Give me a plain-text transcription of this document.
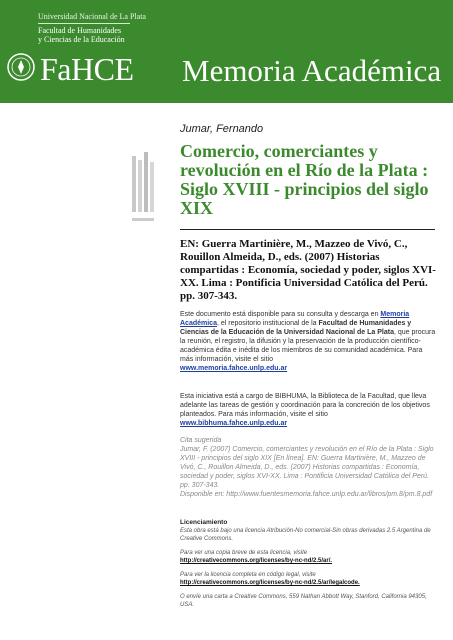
Universidad Nacional de La Plata
Facultad de Humanidades
y Ciencias de la Educación
FaHCE Memoria Académica
Jumar, Fernando
Comercio, comerciantes y revolución en el Río de la Plata : Siglo XVIII - principios del siglo XIX
EN: Guerra Martinière, M., Mazzeo de Vivó, C., Rouillon Almeida, D., eds. (2007) Historias compartidas : Economía, sociedad y poder, siglos XVI-XX. Lima : Pontificia Universidad Católica del Perú. pp. 307-343.
Este documento está disponible para su consulta y descarga en Memoria Académica, el repositorio institucional de la Facultad de Humanidades y Ciencias de la Educación de la Universidad Nacional de La Plata, que procura la reunión, el registro, la difusión y la preservación de la producción científico-académica édita e inédita de los miembros de su comunidad académica. Para más información, visite el sitio
www.memoria.fahce.unlp.edu.ar
Esta iniciativa está a cargo de BIBHUMA, la Biblioteca de la Facultad, que lleva adelante las tareas de gestión y coordinación para la concreción de los objetivos planteados. Para más información, visite el sitio
www.bibhuma.fahce.unlp.edu.ar
Cita sugerida
Jumar, F. (2007) Comercio, comerciantes y revolución en el Río de la Plata : Siglo XVIII - principios del siglo XIX [En línea]. EN: Guerra Martinière, M., Mazzeo de Vivó, C., Rouillon Almeida, D., eds. (2007) Historias compartidas : Economía, sociedad y poder, siglos XVI-XX. Lima : Pontificia Universidad Católica del Perú. pp. 307-343.
Disponible en: http://www.fuentesmemoria.fahce.unlp.edu.ar/libros/pm.8/pm.8.pdf
Licenciamiento
Esta obra está bajo una licencia Atribución-No comercial-Sin obras derivadas 2.5 Argentina de Creative Commons.
Para ver una copia breve de esta licencia, visite
http://creativecommons.org/licenses/by-nc-nd/2.5/ar/.
Para ver la licencia completa en código legal, visite
http://creativecommons.org/licenses/by-nc-nd/2.5/ar/legalcode.
O envíe una carta a Creative Commons, 559 Nathan Abbott Way, Stanford, California 94305, USA.
